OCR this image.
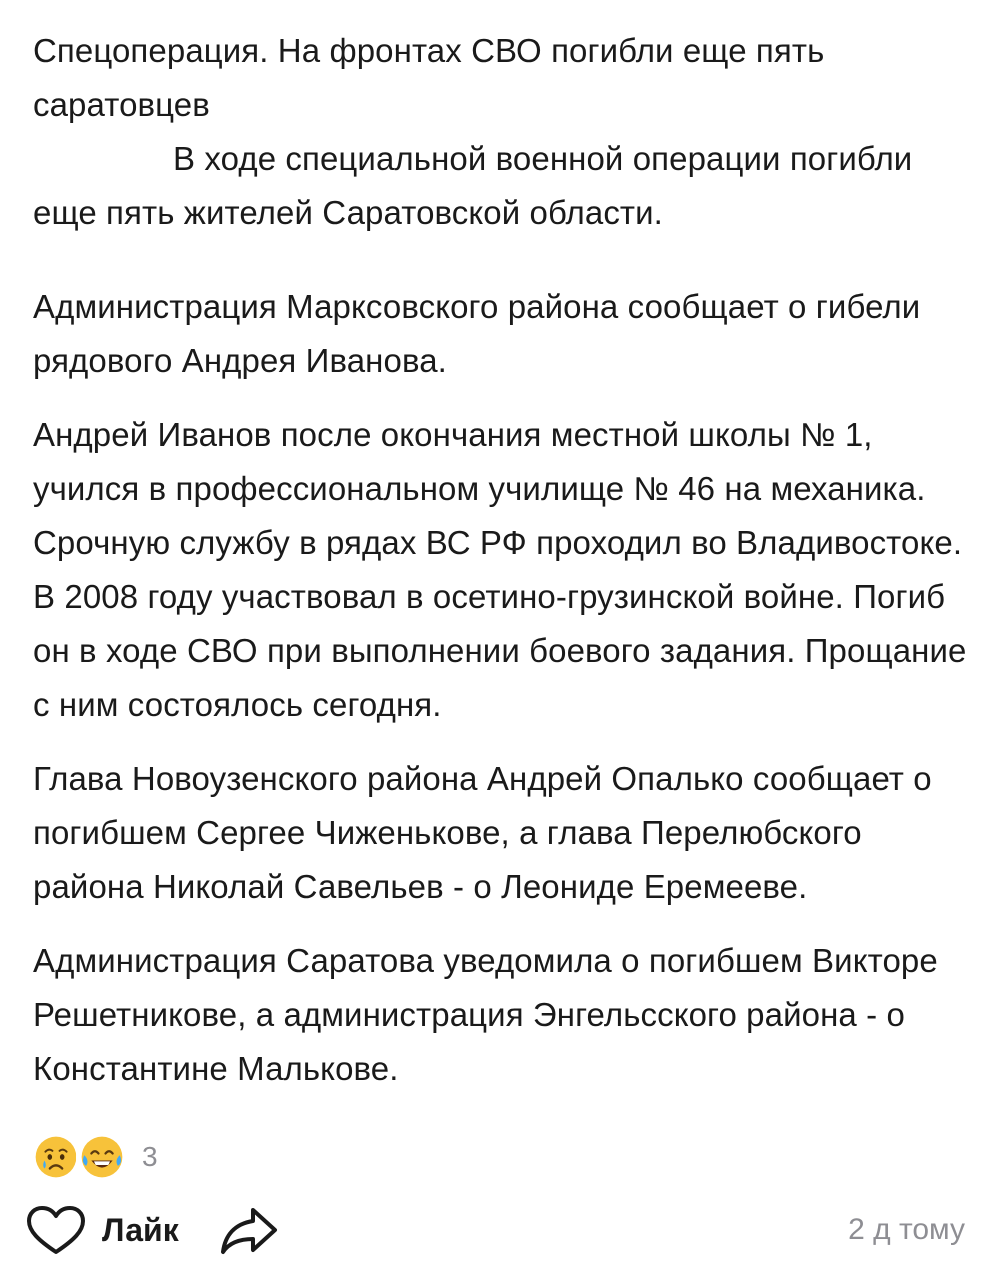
Спецоперация. На фронтах СВО погибли еще пять саратовцев
В ходе специальной военной операции погибли еще пять жителей Саратовской области.
Администрация Марксовского района сообщает о гибели рядового Андрея Иванова.
Андрей Иванов после окончания местной школы № 1, учился в профессиональном училище № 46 на механика. Срочную службу в рядах ВС РФ проходил во Владивостоке. В 2008 году участвовал в осетино-грузинской войне. Погиб он в ходе СВО при выполнении боевого задания. Прощание с ним состоялось сегодня.
Глава Новоузенского района Андрей Опалько сообщает о погибшем Сергее Чиженькове, а глава Перелюбского района Николай Савельев - о Леониде Еремееве.
Администрация Саратова уведомила о погибшем Викторе Решетникове, а администрация Энгельсского района - о Константине Малькове.
3
Лайк	2 д тому
